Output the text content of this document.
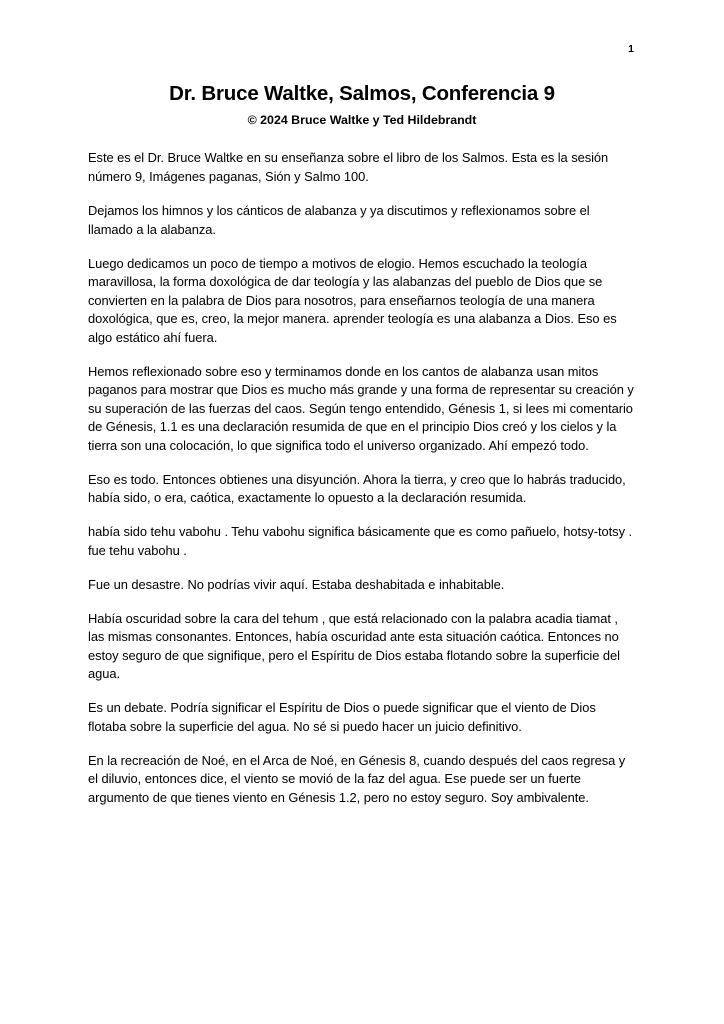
1
Dr. Bruce Waltke, Salmos, Conferencia 9
© 2024 Bruce Waltke y Ted Hildebrandt

Este es el Dr. Bruce Waltke en su enseñanza sobre el libro de los Salmos. Esta es la sesión número 9, Imágenes paganas, Sión y Salmo 100.

Dejamos los himnos y los cánticos de alabanza y ya discutimos y reflexionamos sobre el llamado a la alabanza.

Luego dedicamos un poco de tiempo a motivos de elogio. Hemos escuchado la teología maravillosa, la forma doxológica de dar teología y las alabanzas del pueblo de Dios que se convierten en la palabra de Dios para nosotros, para enseñarnos teología de una manera doxológica, que es, creo, la mejor manera. aprender teología es una alabanza a Dios. Eso es algo estático ahí fuera.

Hemos reflexionado sobre eso y terminamos donde en los cantos de alabanza usan mitos paganos para mostrar que Dios es mucho más grande y una forma de representar su creación y su superación de las fuerzas del caos. Según tengo entendido, Génesis 1, si lees mi comentario de Génesis, 1.1 es una declaración resumida de que en el principio Dios creó y los cielos y la tierra son una colocación, lo que significa todo el universo organizado. Ahí empezó todo.

Eso es todo. Entonces obtienes una disyunción. Ahora la tierra, y creo que lo habrás traducido, había sido, o era, caótica, exactamente lo opuesto a la declaración resumida.

había sido tehu vabohu . Tehu vabohu significa básicamente que es como pañuelo, hotsy-totsy . fue tehu vabohu .

Fue un desastre. No podrías vivir aquí. Estaba deshabitada e inhabitable.

Había oscuridad sobre la cara del tehum , que está relacionado con la palabra acadia tiamat , las mismas consonantes. Entonces, había oscuridad ante esta situación caótica. Entonces no estoy seguro de que signifique, pero el Espíritu de Dios estaba flotando sobre la superficie del agua.

Es un debate. Podría significar el Espíritu de Dios o puede significar que el viento de Dios flotaba sobre la superficie del agua. No sé si puedo hacer un juicio definitivo.

En la recreación de Noé, en el Arca de Noé, en Génesis 8, cuando después del caos regresa y el diluvio, entonces dice, el viento se movió de la faz del agua. Ese puede ser un fuerte argumento de que tienes viento en Génesis 1.2, pero no estoy seguro. Soy ambivalente.
